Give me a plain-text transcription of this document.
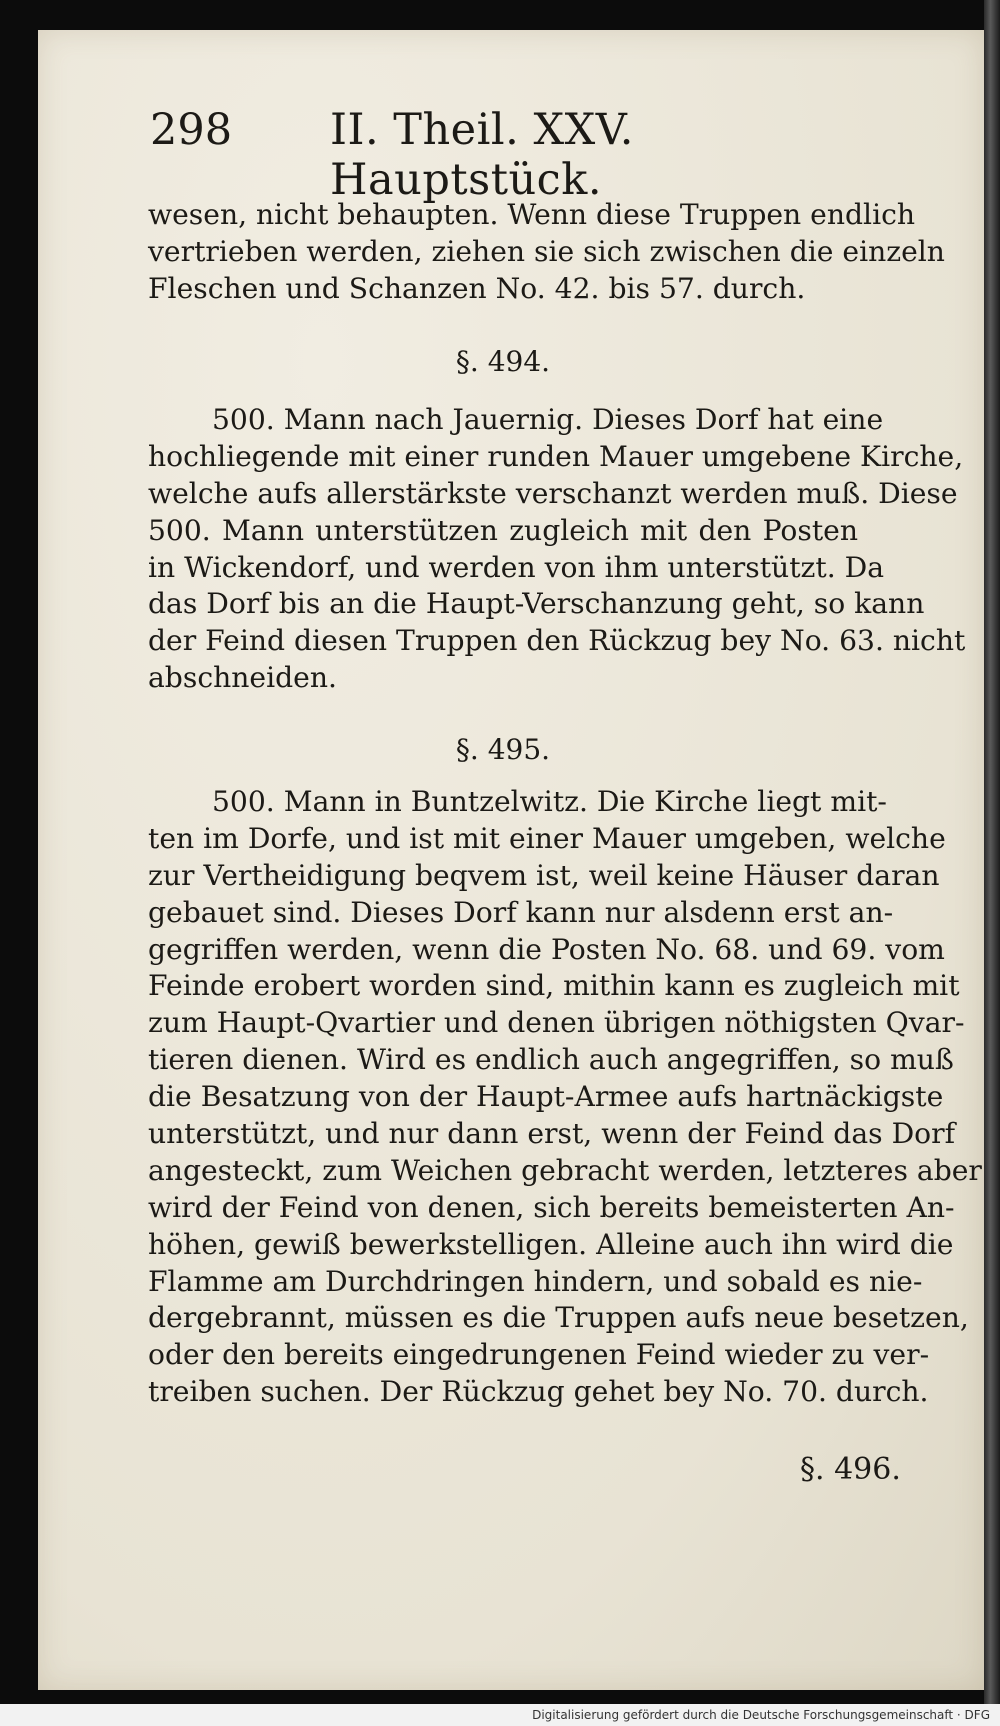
298 II. Theil. XXV. Hauptstück.
wesen, nicht behaupten. Wenn diese Truppen endlich
vertrieben werden, ziehen sie sich zwischen die einzeln
Fleschen und Schanzen No. 42. bis 57. durch.
§. 494.
500. Mann nach Jauernig. Dieses Dorf hat eine
hochliegende mit einer runden Mauer umgebene Kirche,
welche aufs allerstärkste verschanzt werden muß. Diese
500. Mann unterstützen zugleich mit den Posten
in Wickendorf, und werden von ihm unterstützt. Da
das Dorf bis an die Haupt-Verschanzung geht, so kann
der Feind diesen Truppen den Rückzug bey No. 63. nicht
abschneiden.
§. 495.
500. Mann in Buntzelwitz. Die Kirche liegt mit-
ten im Dorfe, und ist mit einer Mauer umgeben, welche
zur Vertheidigung beqvem ist, weil keine Häuser daran
gebauet sind. Dieses Dorf kann nur alsdenn erst an-
gegriffen werden, wenn die Posten No. 68. und 69. vom
Feinde erobert worden sind, mithin kann es zugleich mit
zum Haupt-Qvartier und denen übrigen nöthigsten Qvar-
tieren dienen. Wird es endlich auch angegriffen, so muß
die Besatzung von der Haupt-Armee aufs hartnäckigste
unterstützt, und nur dann erst, wenn der Feind das Dorf
angesteckt, zum Weichen gebracht werden, letzteres aber
wird der Feind von denen, sich bereits bemeisterten An-
höhen, gewiß bewerkstelligen. Alleine auch ihn wird die
Flamme am Durchdringen hindern, und sobald es nie-
dergebrannt, müssen es die Truppen aufs neue besetzen,
oder den bereits eingedrungenen Feind wieder zu ver-
treiben suchen. Der Rückzug gehet bey No. 70. durch.
§. 496.
Digitalisierung gefördert durch die Deutsche Forschungsgemeinschaft · DFG
